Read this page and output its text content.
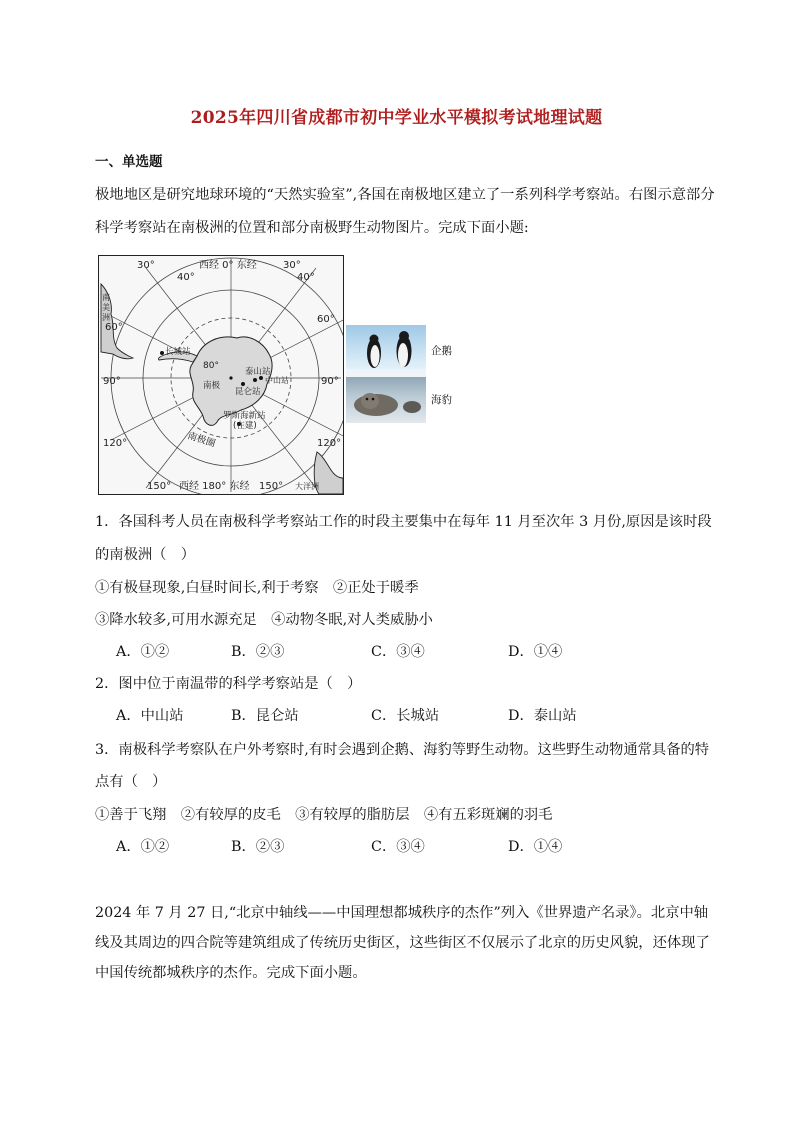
2025年四川省成都市初中学业水平模拟考试地理试题
一、单选题
极地地区是研究地球环境的“天然实验室”,各国在南极地区建立了一系列科学考察站。右图示意部分
科学考察站在南极洲的位置和部分南极野生动物图片。完成下面小题:
30°
40°
西经 0° 东经	30°
40°
60°
60°
90°	90°
120°	120°
150° 西经 180° 东经 150° 大洋洲
80°
南极
长城站
泰山站
中山站
昆仑站
罗斯海新站
(在建)
南极圈
南
美
洲
企鹅
海豹
1．各国科考人员在南极科学考察站工作的时段主要集中在每年 11 月至次年 3 月份,原因是该时段
的南极洲（　）
①有极昼现象,白昼时间长,利于考察　②正处于暖季
③降水较多,可用水源充足　④动物冬眠,对人类威胁小
A．①②	B．②③	C．③④	D．①④
2．图中位于南温带的科学考察站是（　）
A．中山站	B．昆仑站	C．长城站	D．泰山站
3．南极科学考察队在户外考察时,有时会遇到企鹅、海豹等野生动物。这些野生动物通常具备的特
点有（　）
①善于飞翔　②有较厚的皮毛　③有较厚的脂肪层　④有五彩斑斓的羽毛
A．①②	B．②③	C．③④	D．①④
2024 年 7 月 27 日,“北京中轴线——中国理想都城秩序的杰作”列入《世界遗产名录》。北京中轴
线及其周边的四合院等建筑组成了传统历史街区，这些街区不仅展示了北京的历史风貌，还体现了
中国传统都城秩序的杰作。完成下面小题。
